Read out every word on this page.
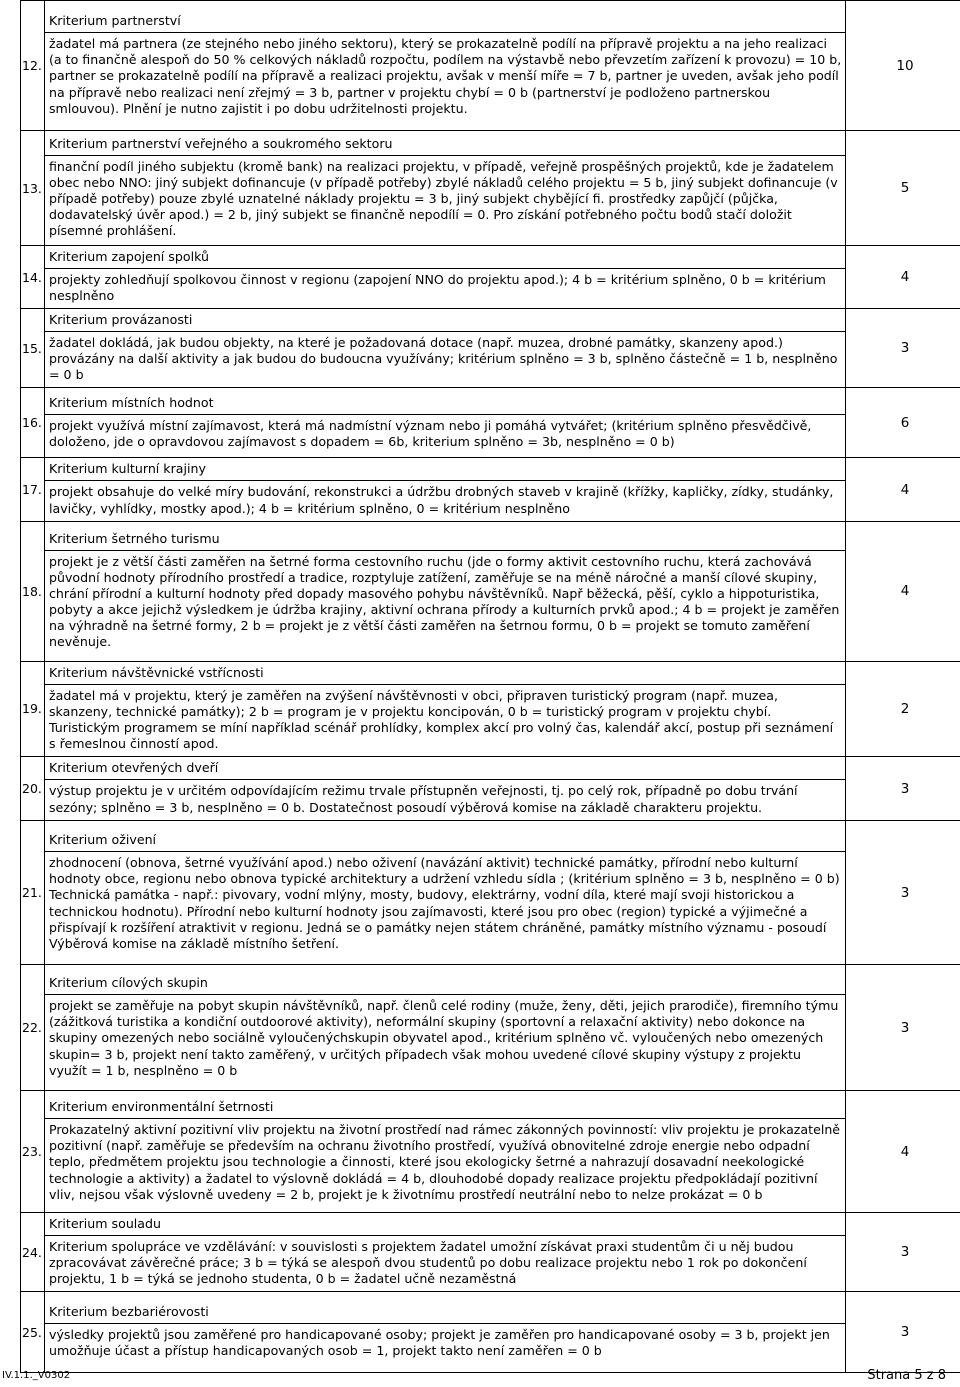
12.	Kriterium partnerství
žadatel má partnera (ze stejného nebo jiného sektoru), který se prokazatelně podílí na přípravě projektu a na jeho realizaci (a to finančně alespoň do 50 % celkových nákladů rozpočtu, podílem na výstavbě nebo převzetím zařízení k provozu) = 10 b, partner se prokazatelně podílí na přípravě a realizaci projektu, avšak v menší míře = 7 b, partner je uveden, avšak jeho podíl na přípravě nebo realizaci není zřejmý = 3 b, partner v projektu chybí = 0 b (partnerství je podloženo partnerskou smlouvou). Plnění je nutno zajistit i po dobu udržitelnosti projektu.	10
13.	Kriterium partnerství veřejného a soukromého sektoru
finanční podíl jiného subjektu (kromě bank) na realizaci projektu, v případě, veřejně prospěšných projektů, kde je žadatelem obec nebo NNO: jiný subjekt dofinancuje (v případě potřeby) zbylé nákladů celého projektu = 5 b, jiný subjekt dofinancuje (v případě potřeby) pouze zbylé uznatelné náklady projektu = 3 b, jiný subjekt chybějící fi. prostředky zapůjčí (půjčka, dodavatelský úvěr apod.) = 2 b, jiný subjekt se finančně nepodílí = 0. Pro získání potřebného počtu bodů stačí doložit písemné prohlášení.	5
14.	Kriterium zapojení spolků
projekty zohledňují spolkovou činnost v regionu (zapojení NNO do projektu apod.); 4 b = kritérium splněno, 0 b = kritérium nesplněno	4
15.	Kriterium provázanosti
žadatel dokládá, jak budou objekty, na které je požadovaná dotace (např. muzea, drobné památky, skanzeny apod.) provázány na další aktivity a jak budou do budoucna využívány; kritérium splněno = 3 b, splněno částečně = 1 b, nesplněno = 0 b	3
16.	Kriterium místních hodnot
projekt využívá místní zajímavost, která má nadmístní význam nebo ji pomáhá vytvářet; (kritérium splněno přesvědčivě, doloženo, jde o opravdovou zajímavost s dopadem = 6b, kriterium splněno = 3b, nesplněno = 0 b)	6
17.	Kriterium kulturní krajiny
projekt obsahuje do velké míry budování, rekonstrukci a údržbu drobných staveb v krajině (křížky, kapličky, zídky, studánky, lavičky, vyhlídky, mostky apod.); 4 b = kritérium splněno, 0 = kritérium nesplněno	4
18.	Kriterium šetrného turismu
projekt je z větší části zaměřen na šetrné forma cestovního ruchu (jde o formy aktivit cestovního ruchu, která zachovává původní hodnoty přírodního prostředí a tradice, rozptyluje zatížení, zaměřuje se na méně náročné a manší cílové skupiny, chrání přírodní a kulturní hodnoty před dopady masového pohybu návštěvníků. Např běžecká, pěší, cyklo a hippoturistika, pobyty a akce jejichž výsledkem je údržba krajiny, aktivní ochrana přírody a kulturních prvků apod.; 4 b = projekt je zaměřen na výhradně na šetrné formy, 2 b = projekt je z větší části zaměřen na šetrnou formu, 0 b = projekt se tomuto zaměření nevěnuje.	4
19.	Kriterium návštěvnické vstřícnosti
žadatel má v projektu, který je zaměřen na zvýšení návštěvnosti v obci, připraven turistický program (např. muzea, skanzeny, technické památky); 2 b = program je v projektu koncipován, 0 b = turistický program v projektu chybí. Turistickým programem se míní například scénář prohlídky, komplex akcí pro volný čas, kalendář akcí, postup při seznámení s řemeslnou činností apod.	2
20.	Kriterium otevřených dveří
výstup projektu je v určitém odpovídajícím režimu trvale přístupněn veřejnosti, tj. po celý rok, případně po dobu trvání sezóny; splněno = 3 b, nesplněno = 0 b. Dostatečnost posoudí výběrová komise na základě charakteru projektu.	3
21.	Kriterium oživení
zhodnocení (obnova, šetrné využívání apod.) nebo oživení (navázání aktivit) technické památky, přírodní nebo kulturní hodnoty obce, regionu nebo obnova typické architektury a udržení vzhledu sídla ; (kritérium splněno = 3 b, nesplněno = 0 b) Technická památka - např.: pivovary, vodní mlýny, mosty, budovy, elektrárny, vodní díla, které mají svoji historickou a technickou hodnotu). Přírodní nebo kulturní hodnoty jsou zajímavosti, které jsou pro obec (region) typické a výjimečné a přispívají k rozšíření atraktivit v regionu. Jedná se o památky nejen státem chráněné, památky místního významu - posoudí Výběrová komise na základě místního šetření.	3
22.	Kriterium cílových skupin
projekt se zaměřuje na pobyt skupin návštěvníků, např. členů celé rodiny (muže, ženy, děti, jejich prarodiče), firemního týmu (zážitková turistika a kondiční outdoorové aktivity), neformální skupiny (sportovní a relaxační aktivity) nebo dokonce na skupiny omezených nebo sociálně vyloučenýchskupin obyvatel apod., kritérium splněno vč. vyloučených nebo omezených skupin= 3 b, projekt není takto zaměřený, v určitých případech však mohou uvedené cílové skupiny výstupy z projektu využít = 1 b, nesplněno = 0 b	3
23.	Kriterium environmentální šetrnosti
Prokazatelný aktivní pozitivní vliv projektu na životní prostředí nad rámec zákonných povinností: vliv projektu je prokazatelně pozitivní (např. zaměřuje se především na ochranu životního prostředí, využívá obnovitelné zdroje energie nebo odpadní teplo, předmětem projektu jsou technologie a činnosti, které jsou ekologicky šetrné a nahrazují dosavadní neekologické technologie a aktivity) a žadatel to výslovně dokládá = 4 b, dlouhodobé dopady realizace projektu předpokládají pozitivní vliv, nejsou však výslovně uvedeny = 2 b, projekt je k životnímu prostředí neutrální nebo to nelze prokázat = 0 b	4
24.	Kriterium souladu
Kriterium spolupráce ve vzdělávání: v souvislosti s projektem žadatel umožní získávat praxi studentům či u něj budou zpracovávat závěrečné práce; 3 b = týká se alespoň dvou studentů po dobu realizace projektu nebo 1 rok po dokončení projektu, 1 b = týká se jednoho studenta, 0 b = žadatel učně nezaměstná	3
25.	Kriterium bezbariérovosti
výsledky projektů jsou zaměřené pro handicapované osoby; projekt je zaměřen pro handicapované osoby = 3 b, projekt jen umožňuje účast a přístup handicapovaných osob = 1, projekt takto není zaměřen = 0 b	3
IV.1.1._V0302	Strana 5 z 8
